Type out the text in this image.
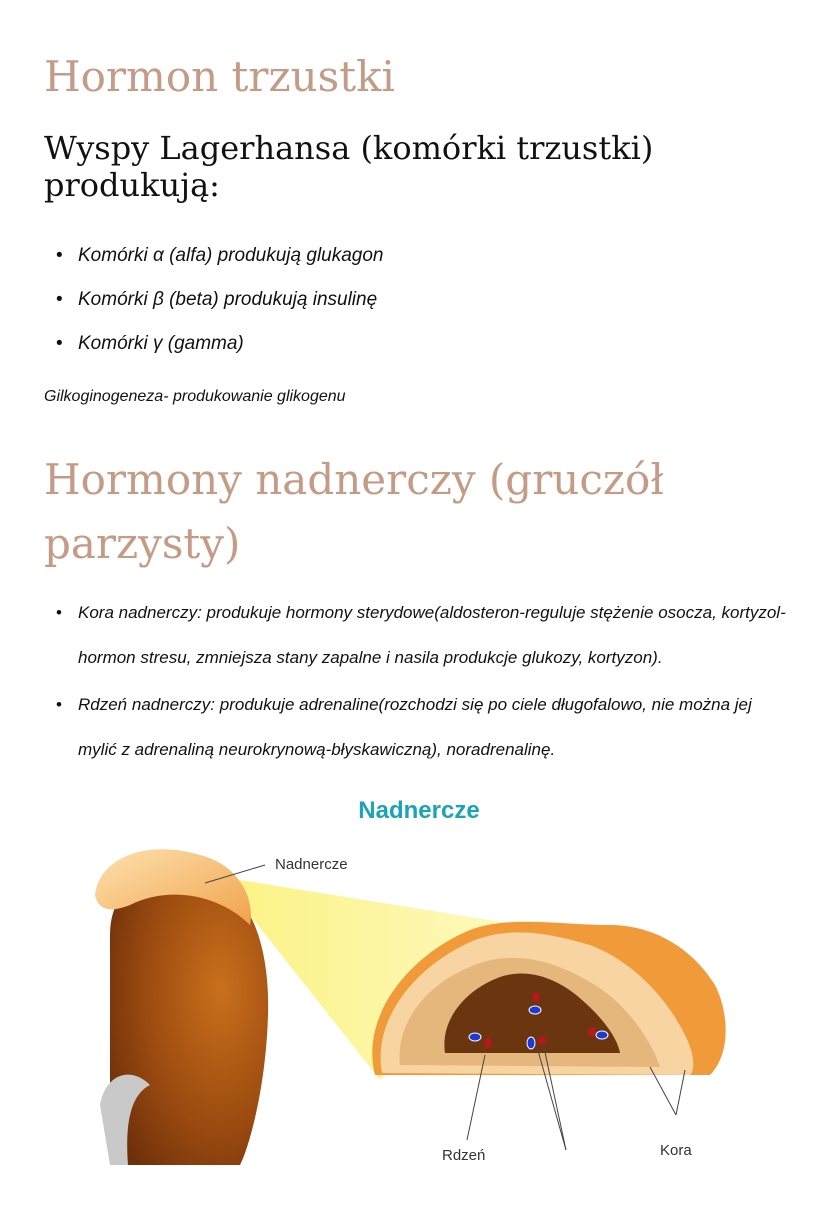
Hormon trzustki

Wyspy Lagerhansa (komórki trzustki) produkują:

• Komórki α (alfa) produkują glukagon
• Komórki β (beta) produkują insulinę
• Komórki γ (gamma)
Gilkoginogeneza- produkowanie glikogenu
Hormony nadnerczy (gruczół parzysty)
• Kora nadnerczy: produkuje hormony sterydowe(aldosteron-reguluje stężenie osocza, kortyzol-hormon stresu, zmniejsza stany zapalne i nasila produkcje glukozy, kortyzon).
• Rdzeń nadnerczy: produkuje adrenaline(rozchodzi się po ciele długofalowo, nie można jej mylić z adrenaliną neurokrynową-błyskawiczną), noradrenalinę.
Nadnercze
Nadnercze
Rdzeń	Kora
